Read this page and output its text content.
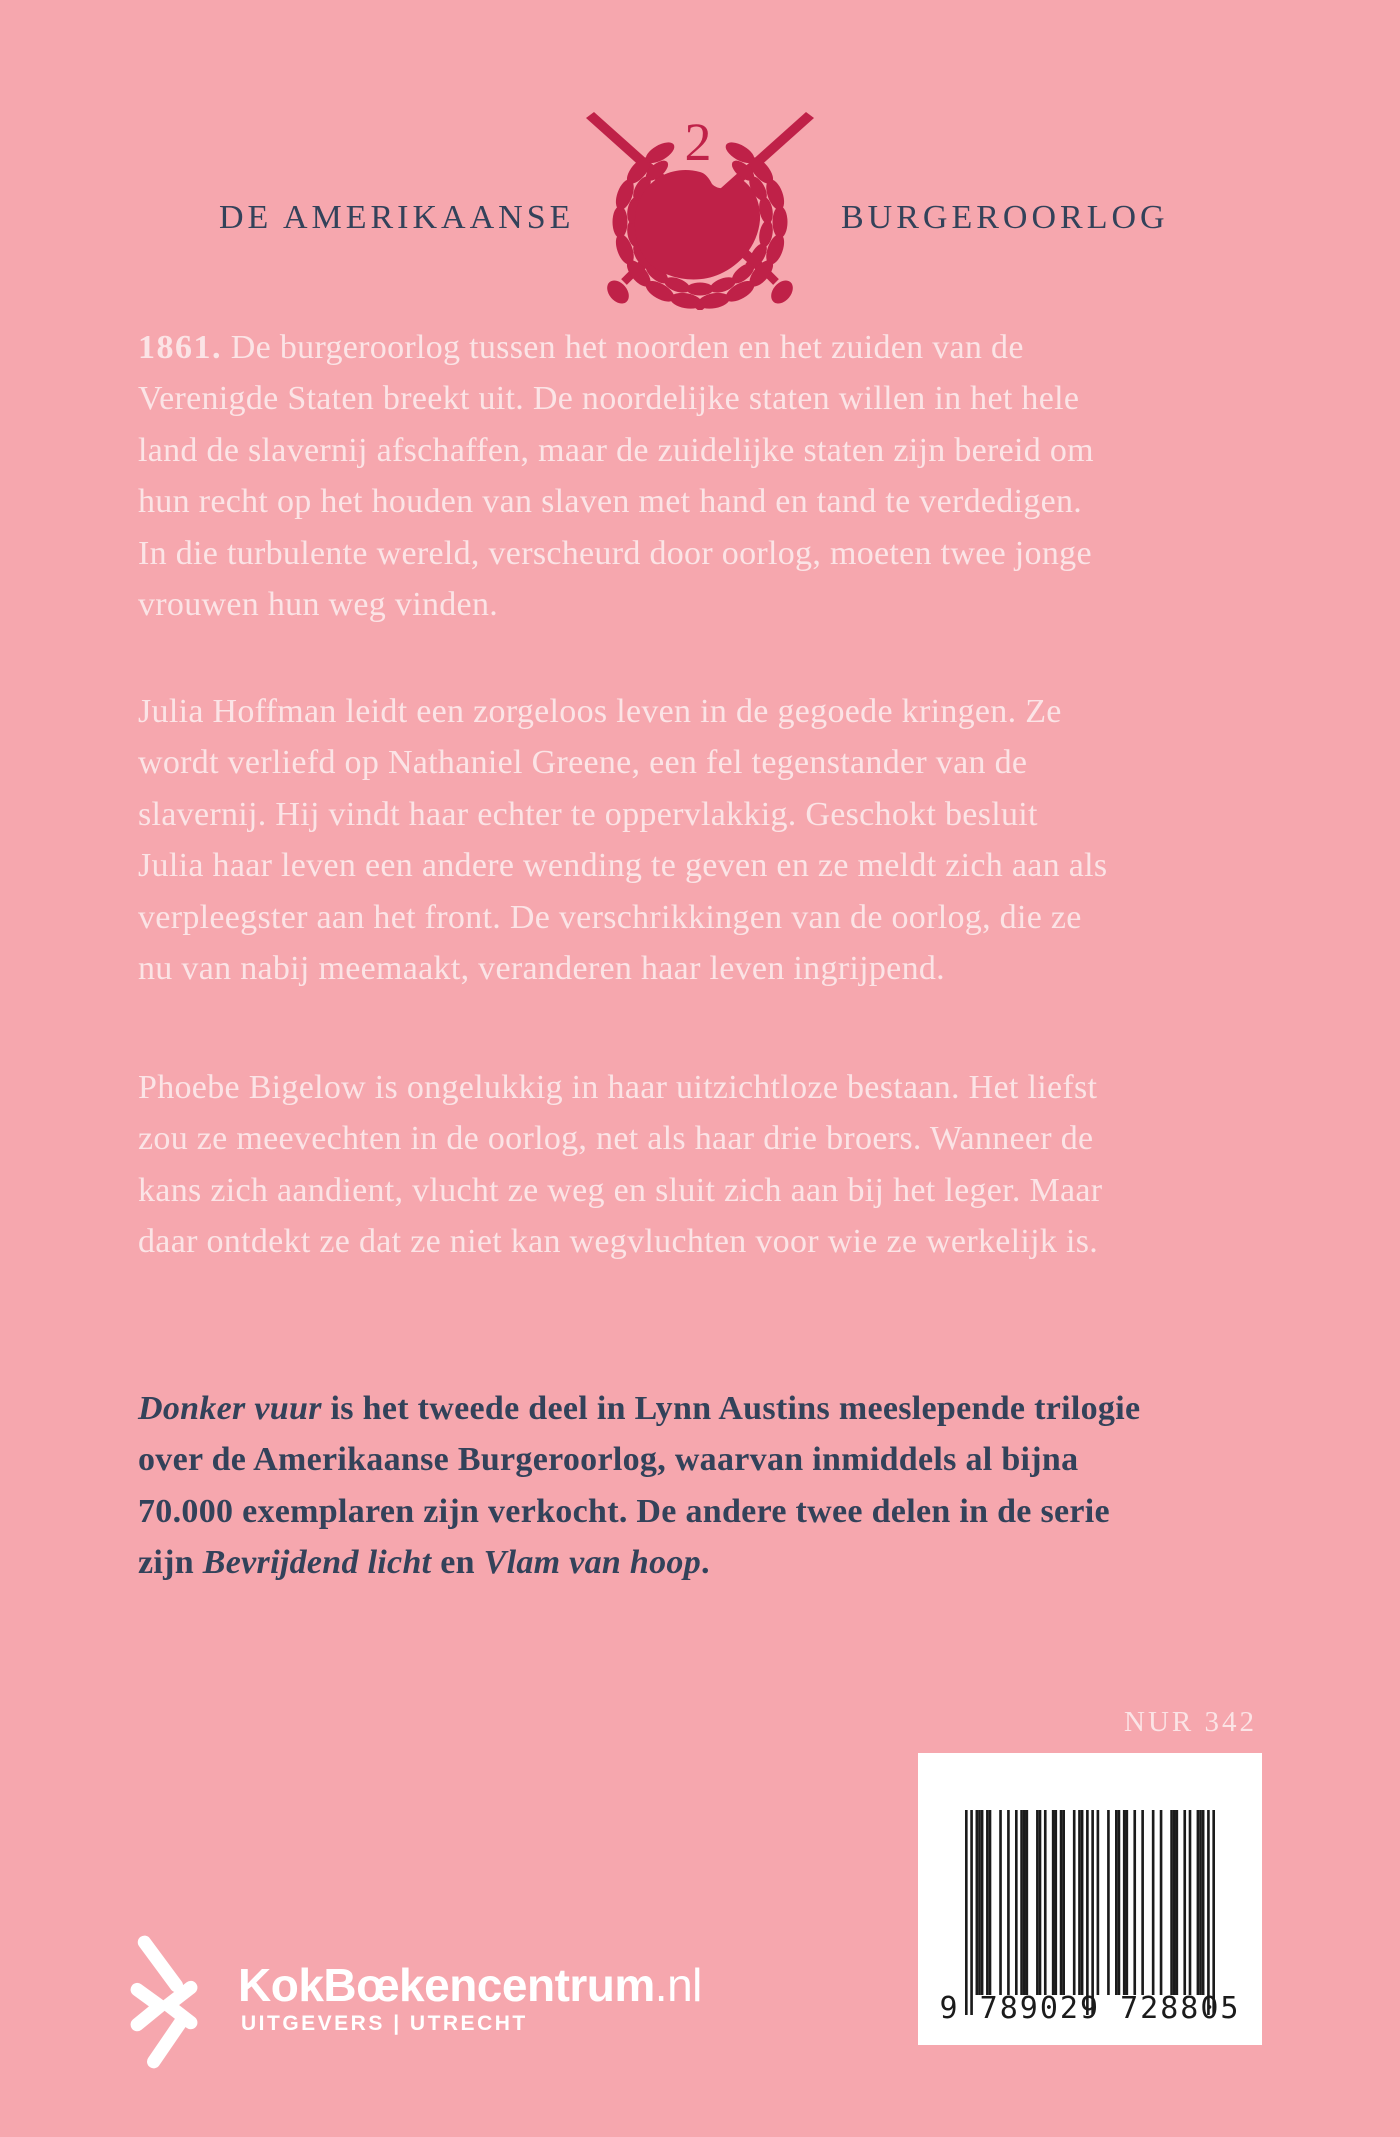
DE AMERIKAANSE	BURGEROORLOG
2
1861. De burgeroorlog tussen het noorden en het zuiden van de
Verenigde Staten breekt uit. De noordelijke staten willen in het hele
land de slavernij afschaffen, maar de zuidelijke staten zijn bereid om
hun recht op het houden van slaven met hand en tand te verdedigen.
In die turbulente wereld, verscheurd door oorlog, moeten twee jonge
vrouwen hun weg vinden.
Julia Hoffman leidt een zorgeloos leven in de gegoede kringen. Ze
wordt verliefd op Nathaniel Greene, een fel tegenstander van de
slavernij. Hij vindt haar echter te oppervlakkig. Geschokt besluit
Julia haar leven een andere wending te geven en ze meldt zich aan als
verpleegster aan het front. De verschrikkingen van de oorlog, die ze
nu van nabij meemaakt, veranderen haar leven ingrijpend.
Phoebe Bigelow is ongelukkig in haar uitzichtloze bestaan. Het liefst
zou ze meevechten in de oorlog, net als haar drie broers. Wanneer de
kans zich aandient, vlucht ze weg en sluit zich aan bij het leger. Maar
daar ontdekt ze dat ze niet kan wegvluchten voor wie ze werkelijk is.
Donker vuur is het tweede deel in Lynn Austins meeslepende trilogie
over de Amerikaanse Burgeroorlog, waarvan inmiddels al bijna
70.000 exemplaren zijn verkocht. De andere twee delen in de serie
zijn Bevrijdend licht en Vlam van hoop.
NUR 342
9 789029 728805
KokBœkencentrum.nl
UITGEVERS | UTRECHT
